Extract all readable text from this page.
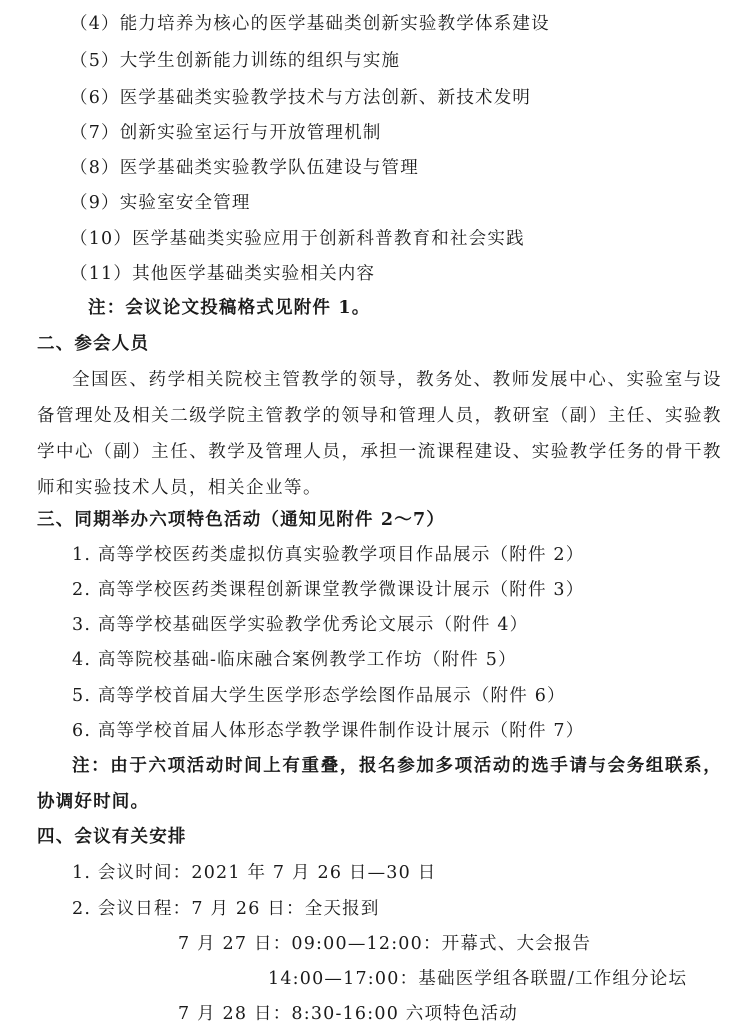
（4）能力培养为核心的医学基础类创新实验教学体系建设
（5）大学生创新能力训练的组织与实施
（6）医学基础类实验教学技术与方法创新、新技术发明
（7）创新实验室运行与开放管理机制
（8）医学基础类实验教学队伍建设与管理
（9）实验室安全管理
（10）医学基础类实验应用于创新科普教育和社会实践
（11）其他医学基础类实验相关内容
注：会议论文投稿格式见附件 1。
二、参会人员
全国医、药学相关院校主管教学的领导，教务处、教师发展中心、实验室与设备管理处及相关二级学院主管教学的领导和管理人员，教研室（副）主任、实验教学中心（副）主任、教学及管理人员，承担一流课程建设、实验教学任务的骨干教师和实验技术人员，相关企业等。
三、同期举办六项特色活动（通知见附件 2～7）
1. 高等学校医药类虚拟仿真实验教学项目作品展示（附件 2）
2. 高等学校医药类课程创新课堂教学微课设计展示（附件 3）
3. 高等学校基础医学实验教学优秀论文展示（附件 4）
4. 高等院校基础-临床融合案例教学工作坊（附件 5）
5. 高等学校首届大学生医学形态学绘图作品展示（附件 6）
6. 高等学校首届人体形态学教学课件制作设计展示（附件 7）
注：由于六项活动时间上有重叠，报名参加多项活动的选手请与会务组联系，协调好时间。
四、会议有关安排
1. 会议时间：2021 年 7 月 26 日—30 日
2. 会议日程：7 月 26 日：全天报到
7 月 27 日：09:00—12:00：开幕式、大会报告
14:00—17:00：基础医学组各联盟/工作组分论坛
7 月 28 日：8:30-16:00 六项特色活动
